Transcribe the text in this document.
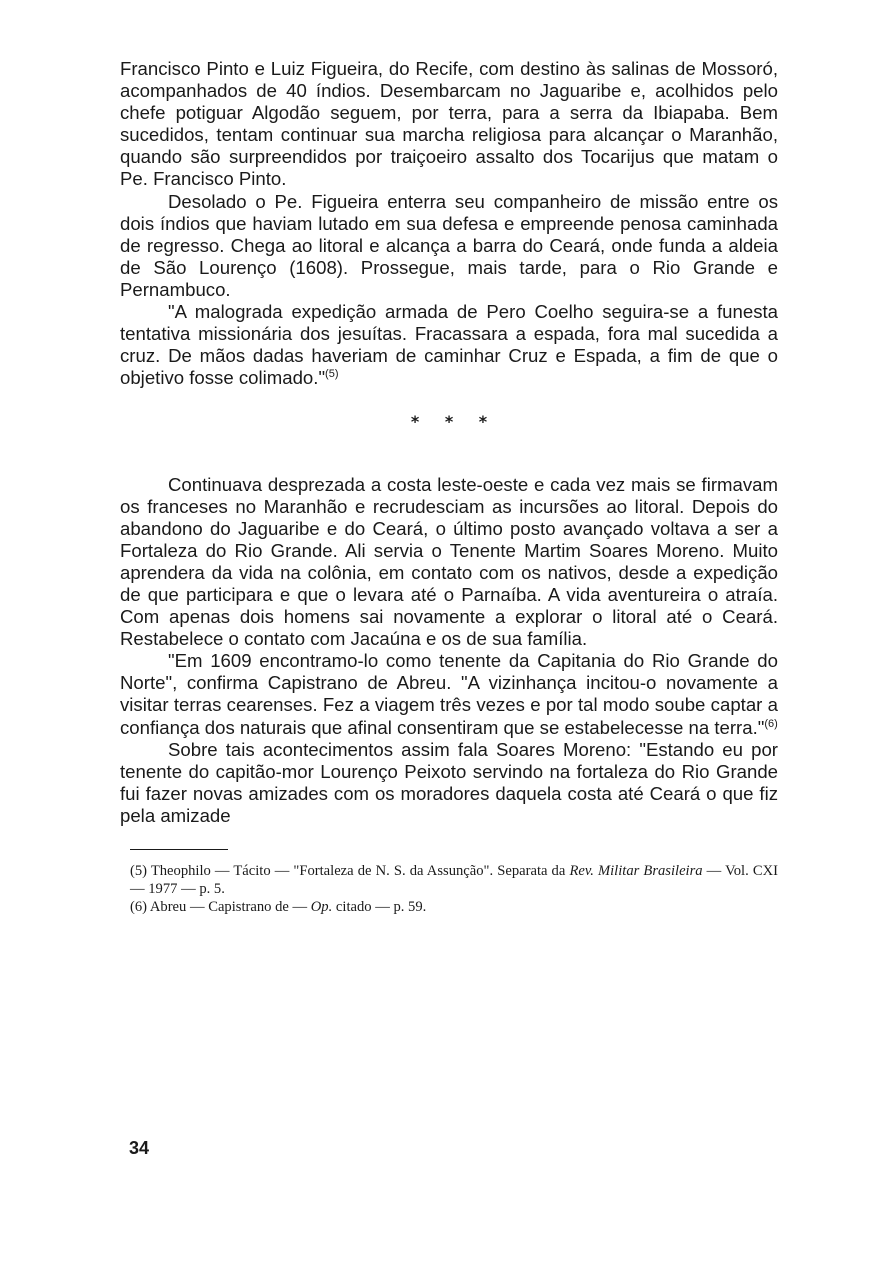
Francisco Pinto e Luiz Figueira, do Recife, com destino às salinas de Mossoró, acompanhados de 40 índios. Desembarcam no Jaguaribe e, acolhidos pelo chefe potiguar Algodão seguem, por terra, para a serra da Ibiapaba. Bem sucedidos, tentam continuar sua marcha religiosa para alcançar o Maranhão, quando são surpreendidos por traiçoeiro assalto dos Tocarijus que matam o Pe. Francisco Pinto.

Desolado o Pe. Figueira enterra seu companheiro de missão entre os dois índios que haviam lutado em sua defesa e empreende penosa caminhada de regresso. Chega ao litoral e alcança a barra do Ceará, onde funda a aldeia de São Lourenço (1608). Prossegue, mais tarde, para o Rio Grande e Pernambuco.

"A malograda expedição armada de Pero Coelho seguira-se a funesta tentativa missionária dos jesuítas. Fracassara a espada, fora mal sucedida a cruz. De mãos dadas haveriam de caminhar Cruz e Espada, a fim de que o objetivo fosse colimado."$^{(5)}$

* * *

Continuava desprezada a costa leste-oeste e cada vez mais se firmavam os franceses no Maranhão e recrudesciam as incursões ao litoral. Depois do abandono do Jaguaribe e do Ceará, o último posto avançado voltava a ser a Fortaleza do Rio Grande. Ali servia o Tenente Martim Soares Moreno. Muito aprendera da vida na colônia, em contato com os nativos, desde a expedição de que participara e que o levara até o Parnaíba. A vida aventureira o atraía. Com apenas dois homens sai novamente a explorar o litoral até o Ceará. Restabelece o contato com Jacaúna e os de sua família.

"Em 1609 encontramo-lo como tenente da Capitania do Rio Grande do Norte", confirma Capistrano de Abreu. "A vizinhança incitou-o novamente a visitar terras cearenses. Fez a viagem três vezes e por tal modo soube captar a confiança dos naturais que afinal consentiram que se estabelecesse na terra."$^{(6)}$

Sobre tais acontecimentos assim fala Soares Moreno: "Estando eu por tenente do capitão-mor Lourenço Peixoto servindo na fortaleza do Rio Grande fui fazer novas amizades com os moradores daquela costa até Ceará o que fiz pela amizade

(5) Theophilo — Tácito — "Fortaleza de N. S. da Assunção". Separata da Rev. Militar Brasileira — Vol. CXI — 1977 — p. 5.

(6) Abreu — Capistrano de — Op. citado — p. 59.

34
